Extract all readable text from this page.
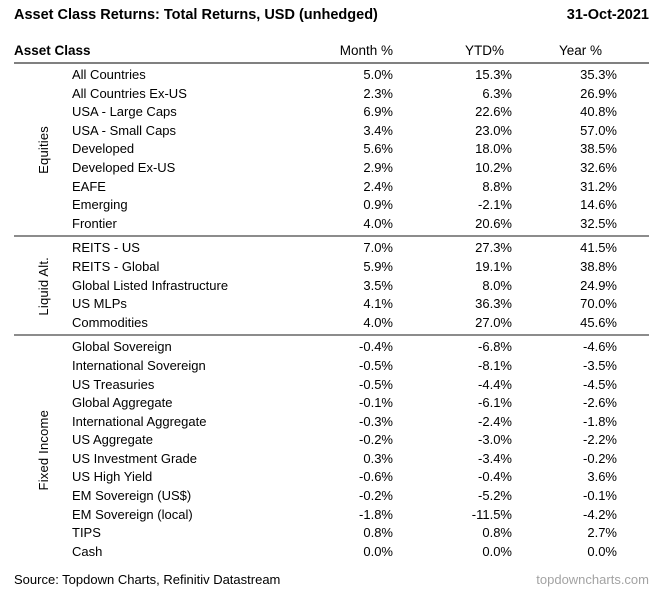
Asset Class Returns: Total Returns, USD (unhedged)	31-Oct-2021
Asset Class	Month %	YTD%	Year %
Equities
All Countries	5.0%	15.3%	35.3%
All Countries Ex-US	2.3%	6.3%	26.9%
USA - Large Caps	6.9%	22.6%	40.8%
USA - Small Caps	3.4%	23.0%	57.0%
Developed	5.6%	18.0%	38.5%
Developed Ex-US	2.9%	10.2%	32.6%
EAFE	2.4%	8.8%	31.2%
Emerging	0.9%	-2.1%	14.6%
Frontier	4.0%	20.6%	32.5%
Liquid Alt.
REITS - US	7.0%	27.3%	41.5%
REITS - Global	5.9%	19.1%	38.8%
Global Listed Infrastructure	3.5%	8.0%	24.9%
US MLPs	4.1%	36.3%	70.0%
Commodities	4.0%	27.0%	45.6%
Fixed Income
Global Sovereign	-0.4%	-6.8%	-4.6%
International Sovereign	-0.5%	-8.1%	-3.5%
US Treasuries	-0.5%	-4.4%	-4.5%
Global Aggregate	-0.1%	-6.1%	-2.6%
International Aggregate	-0.3%	-2.4%	-1.8%
US Aggregate	-0.2%	-3.0%	-2.2%
US Investment Grade	0.3%	-3.4%	-0.2%
US High Yield	-0.6%	-0.4%	3.6%
EM Sovereign (US$)	-0.2%	-5.2%	-0.1%
EM Sovereign (local)	-1.8%	-11.5%	-4.2%
TIPS	0.8%	0.8%	2.7%
Cash	0.0%	0.0%	0.0%
Source: Topdown Charts, Refinitiv Datastream	topdowncharts.com
